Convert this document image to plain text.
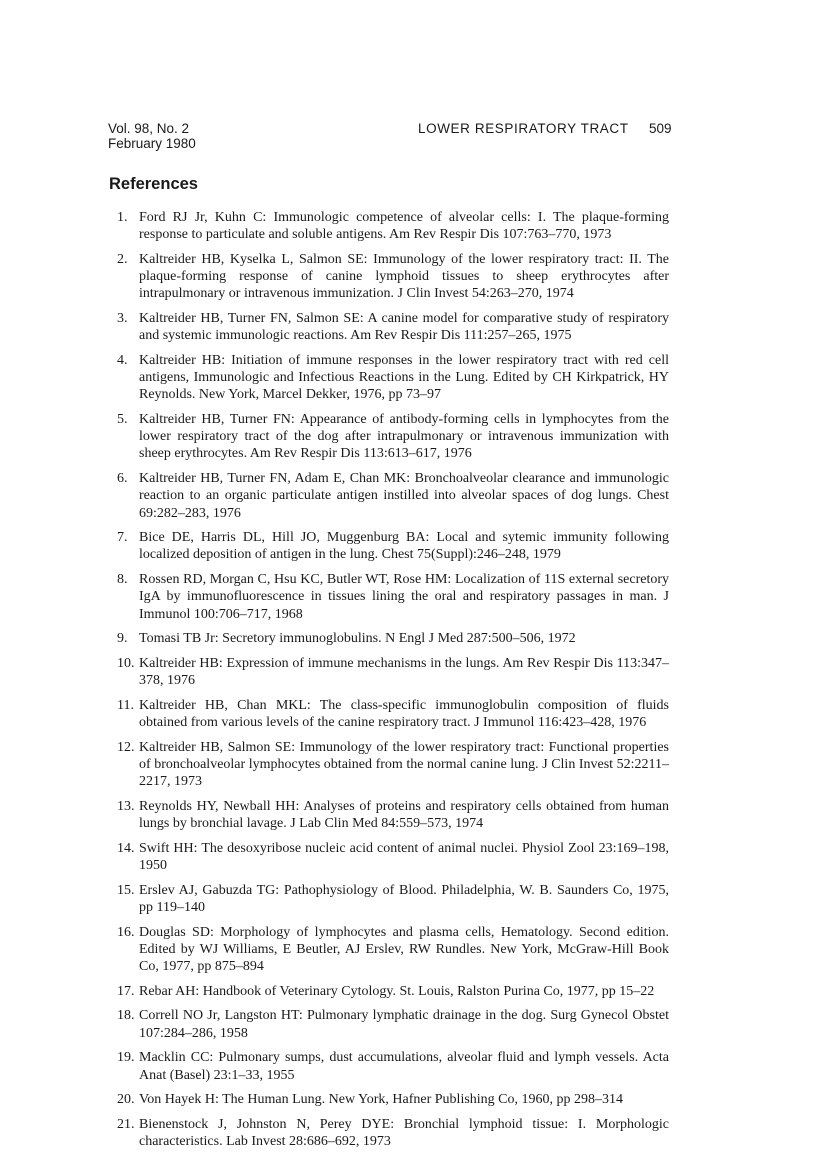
Vol. 98, No. 2
February 1980
LOWER RESPIRATORY TRACT 509
References
1. Ford RJ Jr, Kuhn C: Immunologic competence of alveolar cells: I. The plaque-forming response to particulate and soluble antigens. Am Rev Respir Dis 107:763–770, 1973
2. Kaltreider HB, Kyselka L, Salmon SE: Immunology of the lower respiratory tract: II. The plaque-forming response of canine lymphoid tissues to sheep erythrocytes after intrapulmonary or intravenous immunization. J Clin Invest 54:263–270, 1974
3. Kaltreider HB, Turner FN, Salmon SE: A canine model for comparative study of respiratory and systemic immunologic reactions. Am Rev Respir Dis 111:257–265, 1975
4. Kaltreider HB: Initiation of immune responses in the lower respiratory tract with red cell antigens, Immunologic and Infectious Reactions in the Lung. Edited by CH Kirkpatrick, HY Reynolds. New York, Marcel Dekker, 1976, pp 73–97
5. Kaltreider HB, Turner FN: Appearance of antibody-forming cells in lymphocytes from the lower respiratory tract of the dog after intrapulmonary or intravenous immunization with sheep erythrocytes. Am Rev Respir Dis 113:613–617, 1976
6. Kaltreider HB, Turner FN, Adam E, Chan MK: Bronchoalveolar clearance and immunologic reaction to an organic particulate antigen instilled into alveolar spaces of dog lungs. Chest 69:282–283, 1976
7. Bice DE, Harris DL, Hill JO, Muggenburg BA: Local and sytemic immunity following localized deposition of antigen in the lung. Chest 75(Suppl):246–248, 1979
8. Rossen RD, Morgan C, Hsu KC, Butler WT, Rose HM: Localization of 11S external secretory IgA by immunofluorescence in tissues lining the oral and respiratory passages in man. J Immunol 100:706–717, 1968
9. Tomasi TB Jr: Secretory immunoglobulins. N Engl J Med 287:500–506, 1972
10. Kaltreider HB: Expression of immune mechanisms in the lungs. Am Rev Respir Dis 113:347–378, 1976
11. Kaltreider HB, Chan MKL: The class-specific immunoglobulin composition of fluids obtained from various levels of the canine respiratory tract. J Immunol 116:423–428, 1976
12. Kaltreider HB, Salmon SE: Immunology of the lower respiratory tract: Functional properties of bronchoalveolar lymphocytes obtained from the normal canine lung. J Clin Invest 52:2211–2217, 1973
13. Reynolds HY, Newball HH: Analyses of proteins and respiratory cells obtained from human lungs by bronchial lavage. J Lab Clin Med 84:559–573, 1974
14. Swift HH: The desoxyribose nucleic acid content of animal nuclei. Physiol Zool 23:169–198, 1950
15. Erslev AJ, Gabuzda TG: Pathophysiology of Blood. Philadelphia, W. B. Saunders Co, 1975, pp 119–140
16. Douglas SD: Morphology of lymphocytes and plasma cells, Hematology. Second edition. Edited by WJ Williams, E Beutler, AJ Erslev, RW Rundles. New York, McGraw-Hill Book Co, 1977, pp 875–894
17. Rebar AH: Handbook of Veterinary Cytology. St. Louis, Ralston Purina Co, 1977, pp 15–22
18. Correll NO Jr, Langston HT: Pulmonary lymphatic drainage in the dog. Surg Gynecol Obstet 107:284–286, 1958
19. Macklin CC: Pulmonary sumps, dust accumulations, alveolar fluid and lymph vessels. Acta Anat (Basel) 23:1–33, 1955
20. Von Hayek H: The Human Lung. New York, Hafner Publishing Co, 1960, pp 298–314
21. Bienenstock J, Johnston N, Perey DYE: Bronchial lymphoid tissue: I. Morphologic characteristics. Lab Invest 28:686–692, 1973
